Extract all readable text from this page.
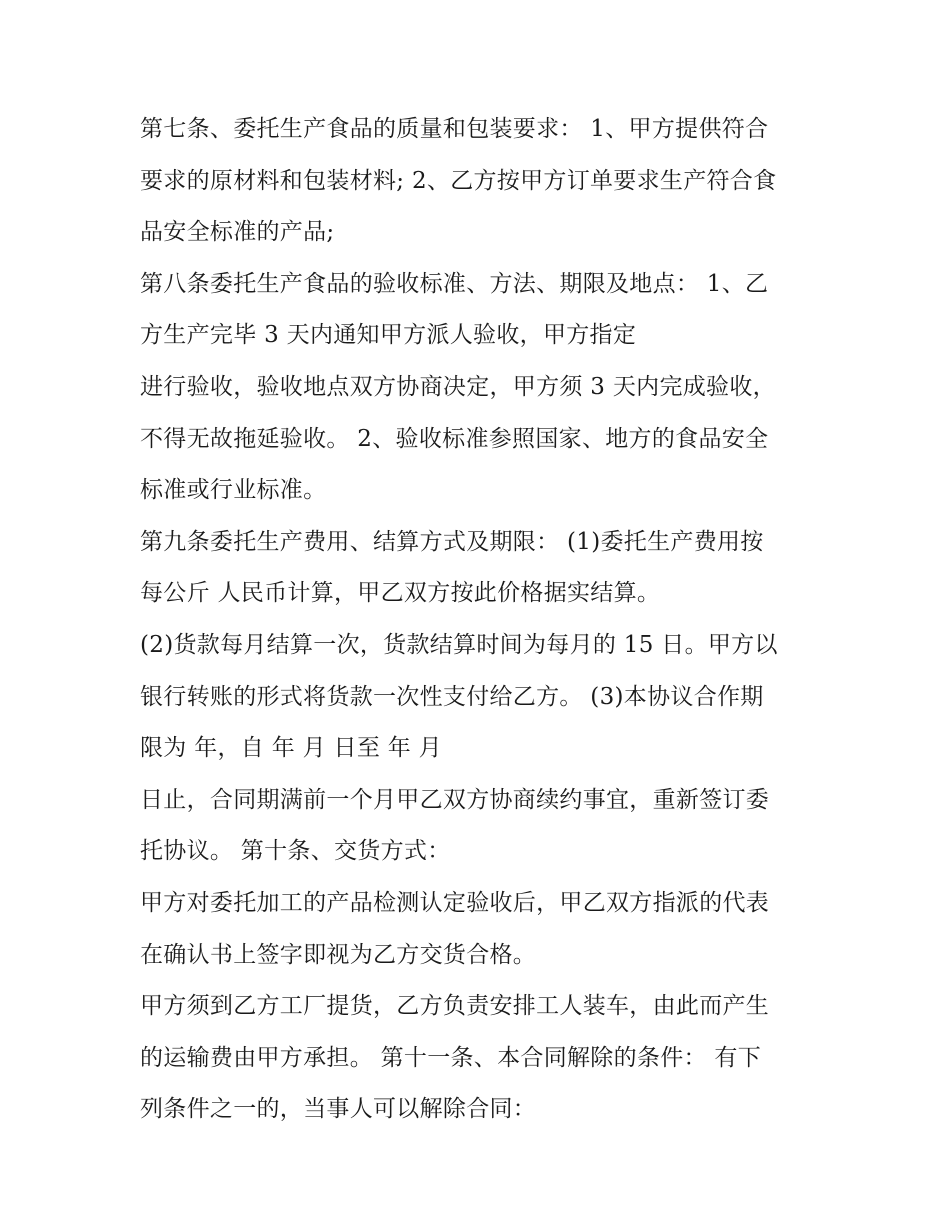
第七条、委托生产食品的质量和包装要求： 1、甲方提供符合
要求的原材料和包装材料; 2、乙方按甲方订单要求生产符合食
品安全标准的产品;
第八条委托生产食品的验收标准、方法、期限及地点： 1、乙
方生产完毕 3 天内通知甲方派人验收，甲方指定
进行验收，验收地点双方协商决定，甲方须 3 天内完成验收，
不得无故拖延验收。 2、验收标准参照国家、地方的食品安全
标准或行业标准。
第九条委托生产费用、结算方式及期限： (1)委托生产费用按
每公斤 人民币计算，甲乙双方按此价格据实结算。
(2)货款每月结算一次，货款结算时间为每月的 15 日。甲方以
银行转账的形式将货款一次性支付给乙方。 (3)本协议合作期
限为 年，自 年 月 日至 年 月
日止，合同期满前一个月甲乙双方协商续约事宜，重新签订委
托协议。 第十条、交货方式：
甲方对委托加工的产品检测认定验收后，甲乙双方指派的代表
在确认书上签字即视为乙方交货合格。
甲方须到乙方工厂提货，乙方负责安排工人装车，由此而产生
的运输费由甲方承担。 第十一条、本合同解除的条件： 有下
列条件之一的，当事人可以解除合同：
